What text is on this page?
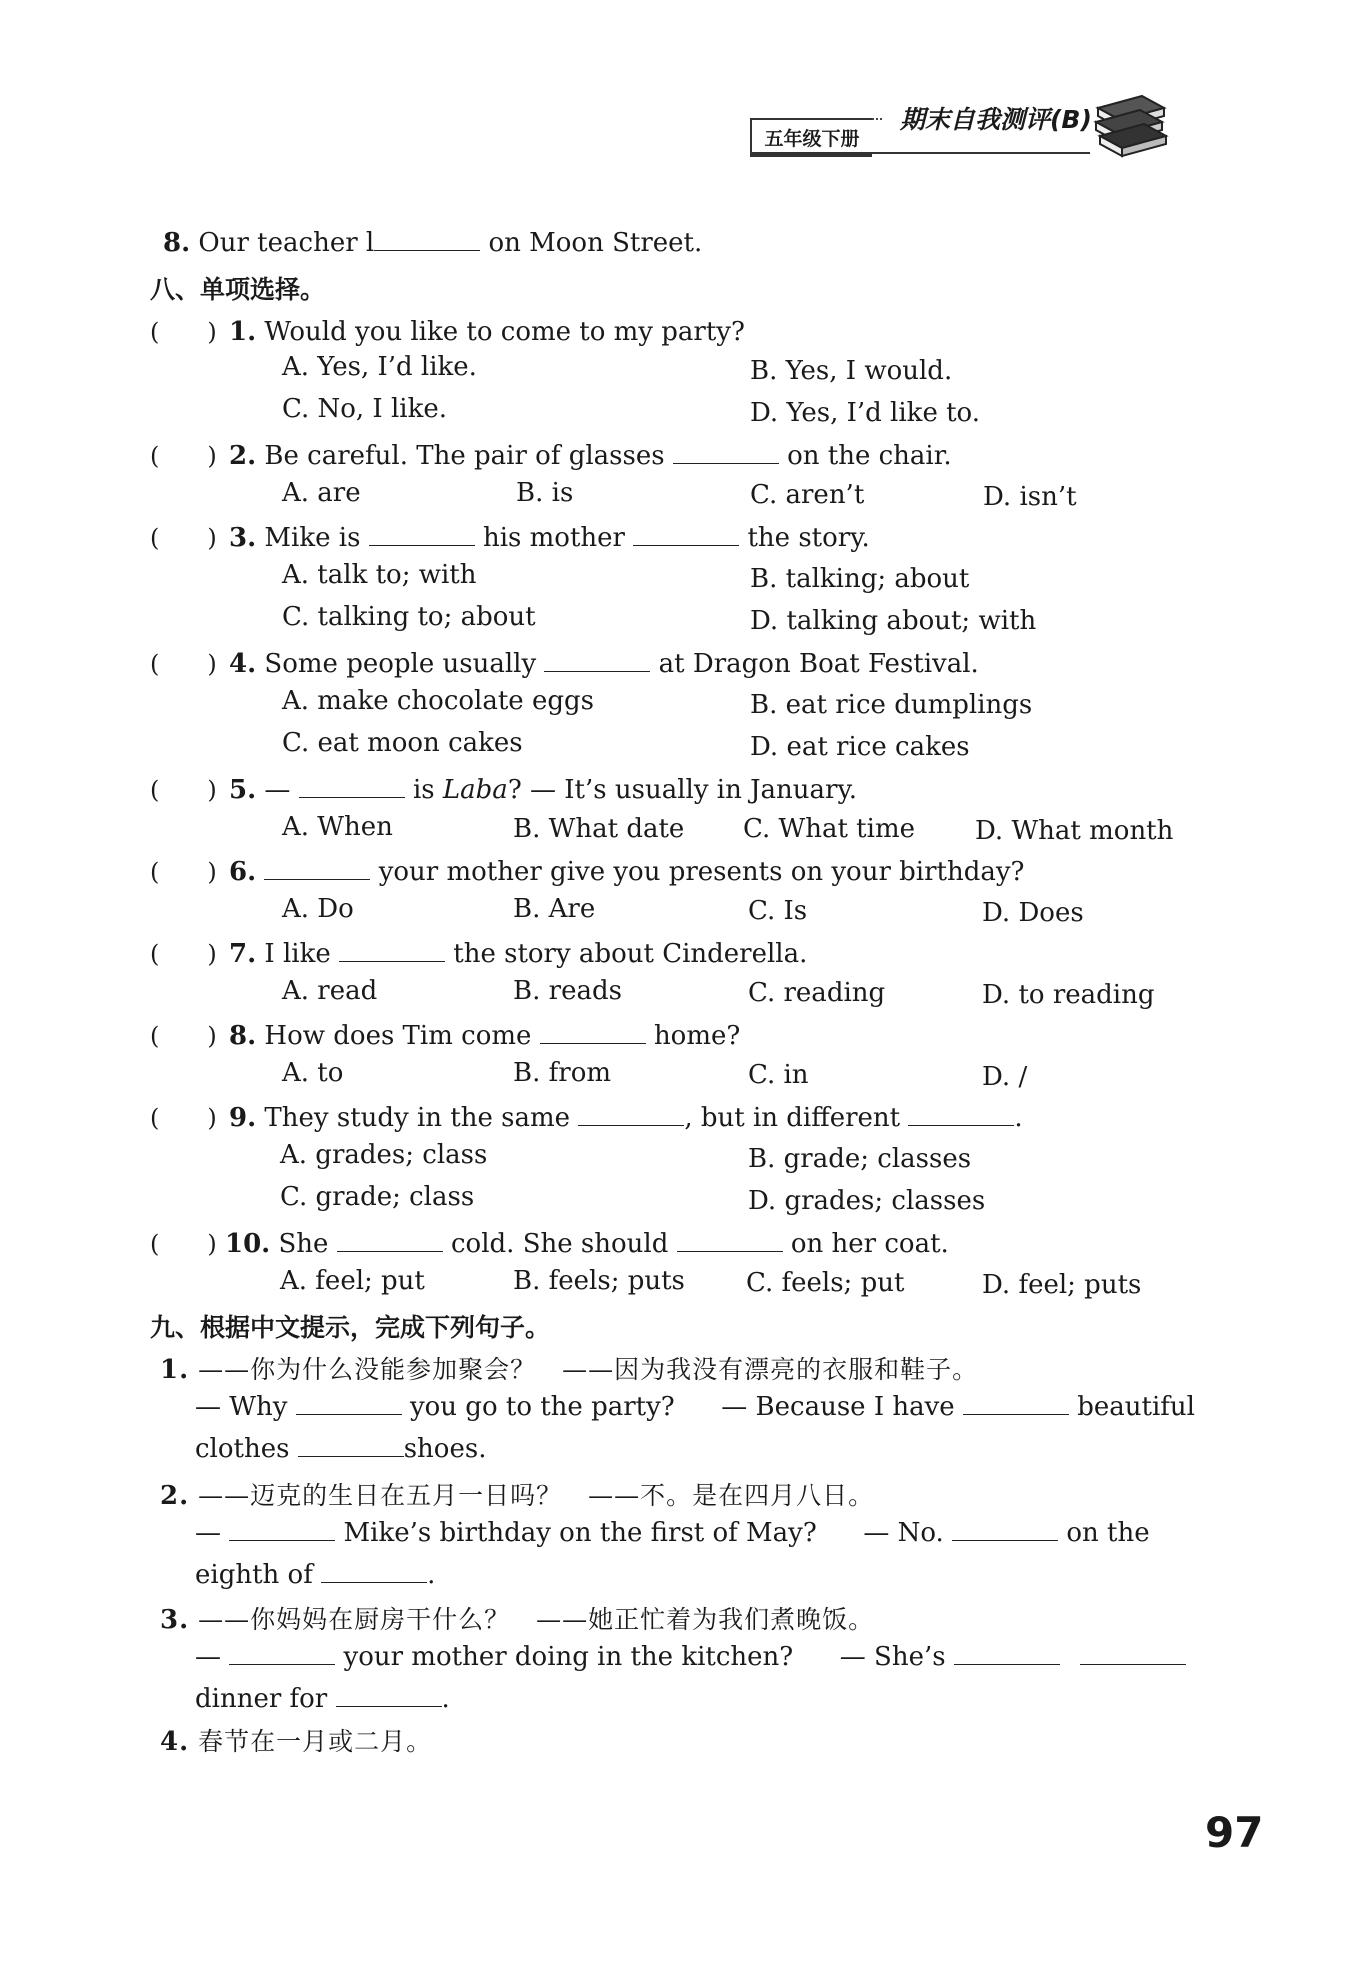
五年级下册
期末自我测评(B)
8. Our teacher l	on Moon Street.
八、单项选择。
(　　) 1. Would you like to come to my party?
A. Yes, I’d like.	B. Yes, I would.
C. No, I like.	D. Yes, I’d like to.
(　　) 2. Be careful. The pair of glasses	on the chair.
A. are	B. is	C. aren’t	D. isn’t
(　　) 3. Mike is	his mother	the story.
A. talk to; with	B. talking; about
C. talking to; about	D. talking about; with
(　　) 4. Some people usually	at Dragon Boat Festival.
A. make chocolate eggs	B. eat rice dumplings
C. eat moon cakes	D. eat rice cakes
(　　) 5. —	is Laba? — It’s usually in January.
A. When	B. What date C. What time D. What month
(　　) 6.	your mother give you presents on your birthday?
A. Do	B. Are	C. Is	D. Does
(　　) 7. I like	the story about Cinderella.
A. read	B. reads	C. reading	D. to reading
(　　) 8. How does Tim come	home?
A. to	B. from	C. in	D. /
(　　) 9. They study in the same	, but in different	.
A. grades; class	B. grade; classes
C. grade; class	D. grades; classes
(　　) 10. She	cold. She should	on her coat.
A. feel; put	B. feels; puts C. feels; put	D. feel; puts
九、根据中文提示，完成下列句子。
1. ——你为什么没能参加聚会？　——因为我没有漂亮的衣服和鞋子。
— Why	you go to the party? — Because I have	beautiful
clothes	shoes.
2. ——迈克的生日在五月一日吗？　——不。是在四月八日。
—	Mike’s birthday on the first of May? — No.	on the
eighth of	.
3. ——你妈妈在厨房干什么？　——她正忙着为我们煮晚饭。
—	your mother doing in the kitchen? — She’s
dinner for	.
4. 春节在一月或二月。
97
